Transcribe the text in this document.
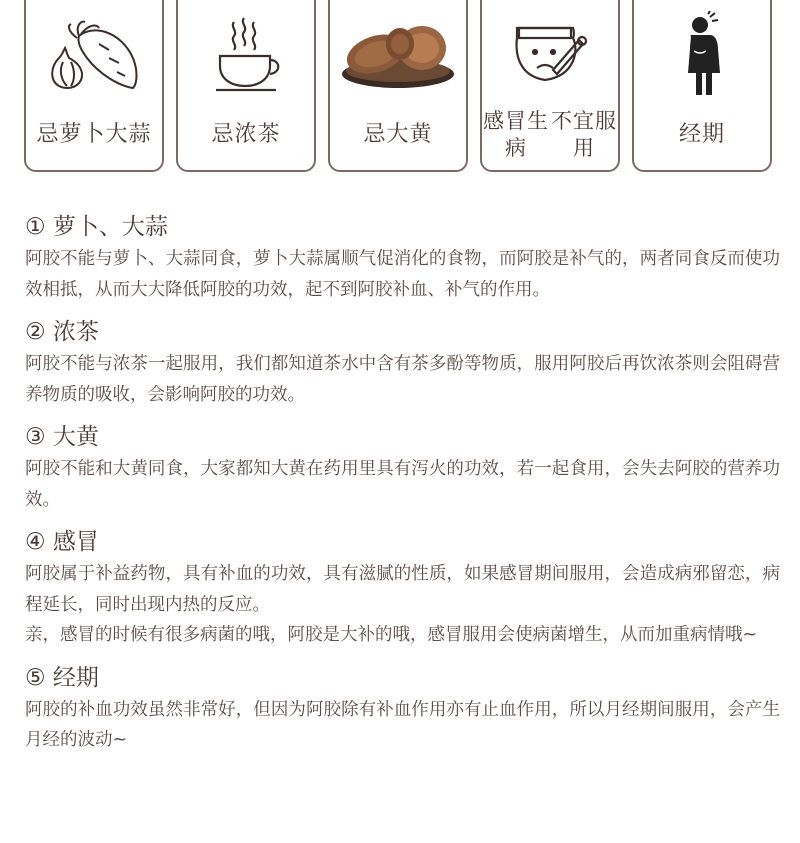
忌萝卜大蒜	忌浓茶	忌大黄
感冒生病
不宜服用
经期
① 萝卜、大蒜

阿胶不能与萝卜、大蒜同食，萝卜大蒜属顺气促消化的食物，而阿胶是补气的，两者同食反而使功效相抵，从而大大降低阿胶的功效，起不到阿胶补血、补气的作用。

② 浓茶

阿胶不能与浓茶一起服用，我们都知道茶水中含有茶多酚等物质，服用阿胶后再饮浓茶则会阻碍营养物质的吸收，会影响阿胶的功效。

③ 大黄

阿胶不能和大黄同食，大家都知大黄在药用里具有泻火的功效，若一起食用，会失去阿胶的营养功效。

④ 感冒

阿胶属于补益药物，具有补血的功效，具有滋腻的性质，如果感冒期间服用，会造成病邪留恋，病程延长，同时出现内热的反应。

亲，感冒的时候有很多病菌的哦，阿胶是大补的哦，感冒服用会使病菌增生，从而加重病情哦~

⑤ 经期

阿胶的补血功效虽然非常好，但因为阿胶除有补血作用亦有止血作用，所以月经期间服用，会产生月经的波动~
